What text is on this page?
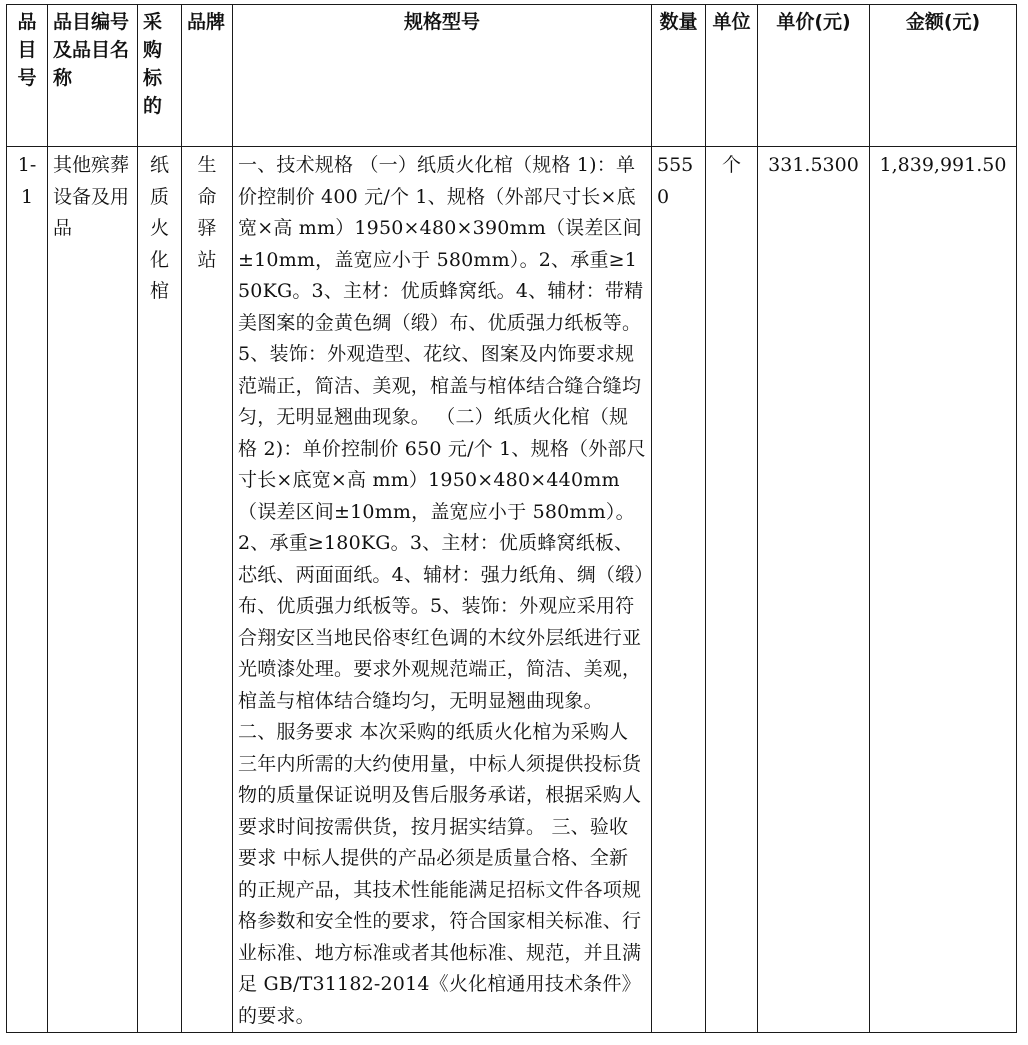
品目号	品目编号及品目名称	采购标的	品牌	规格型号	数量	单位	单价(元)	金额(元)

1-1	其他殡葬设备及用品	纸质火化棺	生命驿站	一、技术规格 （一）纸质火化棺（规格 1)：单价控制价 400 元/个 1、规格（外部尺寸长×底宽×高 mm）1950×480×390mm（误差区间±10mm，盖宽应小于 580mm）。2、承重≥150KG。3、主材：优质蜂窝纸。4、辅材：带精美图案的金黄色绸（缎）布、优质强力纸板等。5、装饰：外观造型、花纹、图案及内饰要求规范端正，简洁、美观，棺盖与棺体结合缝合缝均匀，无明显翘曲现象。 （二）纸质火化棺（规格 2)：单价控制价 650 元/个 1、规格（外部尺寸长×底宽×高 mm）1950×480×440mm（误差区间±10mm，盖宽应小于 580mm）。2、承重≥180KG。3、主材：优质蜂窝纸板、芯纸、两面面纸。4、辅材：强力纸角、绸（缎）布、优质强力纸板等。5、装饰：外观应采用符合翔安区当地民俗枣红色调的木纹外层纸进行亚光喷漆处理。要求外观规范端正，简洁、美观，棺盖与棺体结合缝均匀，无明显翘曲现象。 二、服务要求 本次采购的纸质火化棺为采购人三年内所需的大约使用量，中标人须提供投标货物的质量保证说明及售后服务承诺，根据采购人要求时间按需供货，按月据实结算。 三、验收要求 中标人提供的产品必须是质量合格、全新的正规产品，其技术性能能满足招标文件各项规格参数和安全性的要求，符合国家相关标准、行业标准、地方标准或者其他标准、规范，并且满足 GB/T31182-2014《火化棺通用技术条件》的要求。	5550	个	331.5300	1,839,991.50
